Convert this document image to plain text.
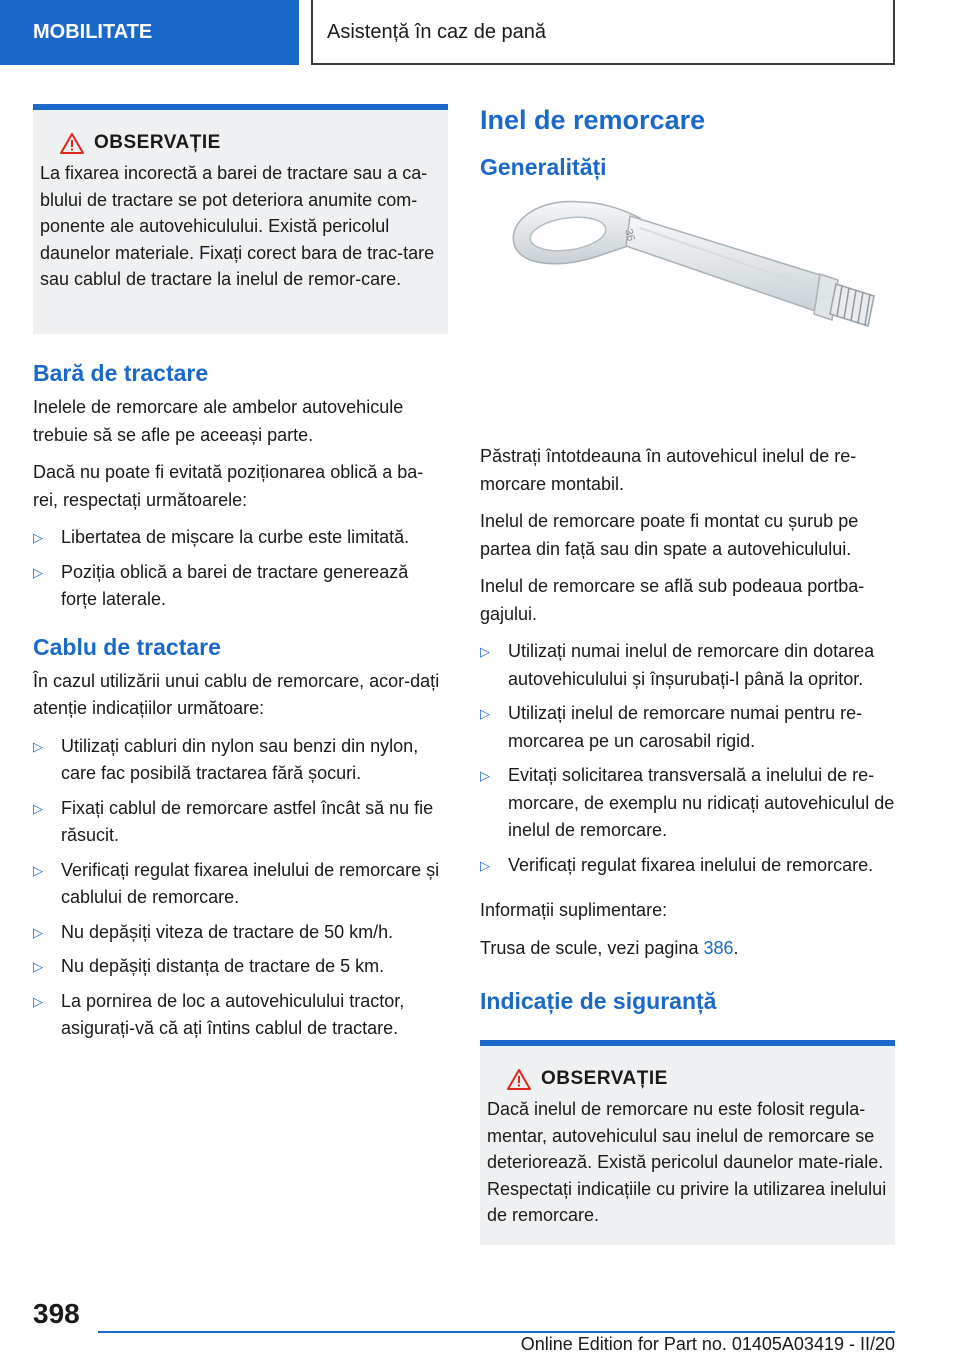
MOBILITATE	Asistență în caz de pană
OBSERVAȚIE
La fixarea incorectă a barei de tractare sau a ca-blului de tractare se pot deteriora anumite com-ponente ale autovehiculului. Există pericolul daunelor materiale. Fixați corect bara de trac-tare sau cablul de tractare la inelul de remor-care.
Bară de tractare

Inelele de remorcare ale ambelor autovehicule trebuie să se afle pe aceeași parte.

Dacă nu poate fi evitată poziționarea oblică a ba-rei, respectați următoarele:

▷	Libertatea de mișcare la curbe este limitată.
▷	Poziția oblică a barei de tractare generează forțe laterale.
Cablu de tractare

În cazul utilizării unui cablu de remorcare, acor-dați atenție indicațiilor următoare:

▷	Utilizați cabluri din nylon sau benzi din nylon, care fac posibilă tractarea fără șocuri.
▷	Fixați cablul de remorcare astfel încât să nu fie răsucit.
▷	Verificați regulat fixarea inelului de remorcare și cablului de remorcare.
▷	Nu depășiți viteza de tractare de 50 km/h.
▷	Nu depășiți distanța de tractare de 5 km.
▷	La pornirea de loc a autovehiculului tractor, asigurați-vă că ați întins cablul de tractare.
Inel de remorcare
Generalități
36

Păstrați întotdeauna în autovehicul inelul de re-morcare montabil.

Inelul de remorcare poate fi montat cu șurub pe partea din față sau din spate a autovehiculului.

Inelul de remorcare se află sub podeaua portba-gajului.

▷	Utilizați numai inelul de remorcare din dotarea autovehiculului și înșurubați-l până la opritor.
▷	Utilizați inelul de remorcare numai pentru re-morcarea pe un carosabil rigid.
▷	Evitați solicitarea transversală a inelului de re-morcare, de exemplu nu ridicați autovehiculul de inelul de remorcare.
▷	Verificați regulat fixarea inelului de remorcare.

Informații suplimentare:

Trusa de scule, vezi pagina 386.

Indicație de siguranță
OBSERVAȚIE
Dacă inelul de remorcare nu este folosit regula-mentar, autovehiculul sau inelul de remorcare se deteriorează. Există pericolul daunelor mate-riale. Respectați indicațiile cu privire la utilizarea inelului de remorcare.
398
Online Edition for Part no. 01405A03419 - II/20
